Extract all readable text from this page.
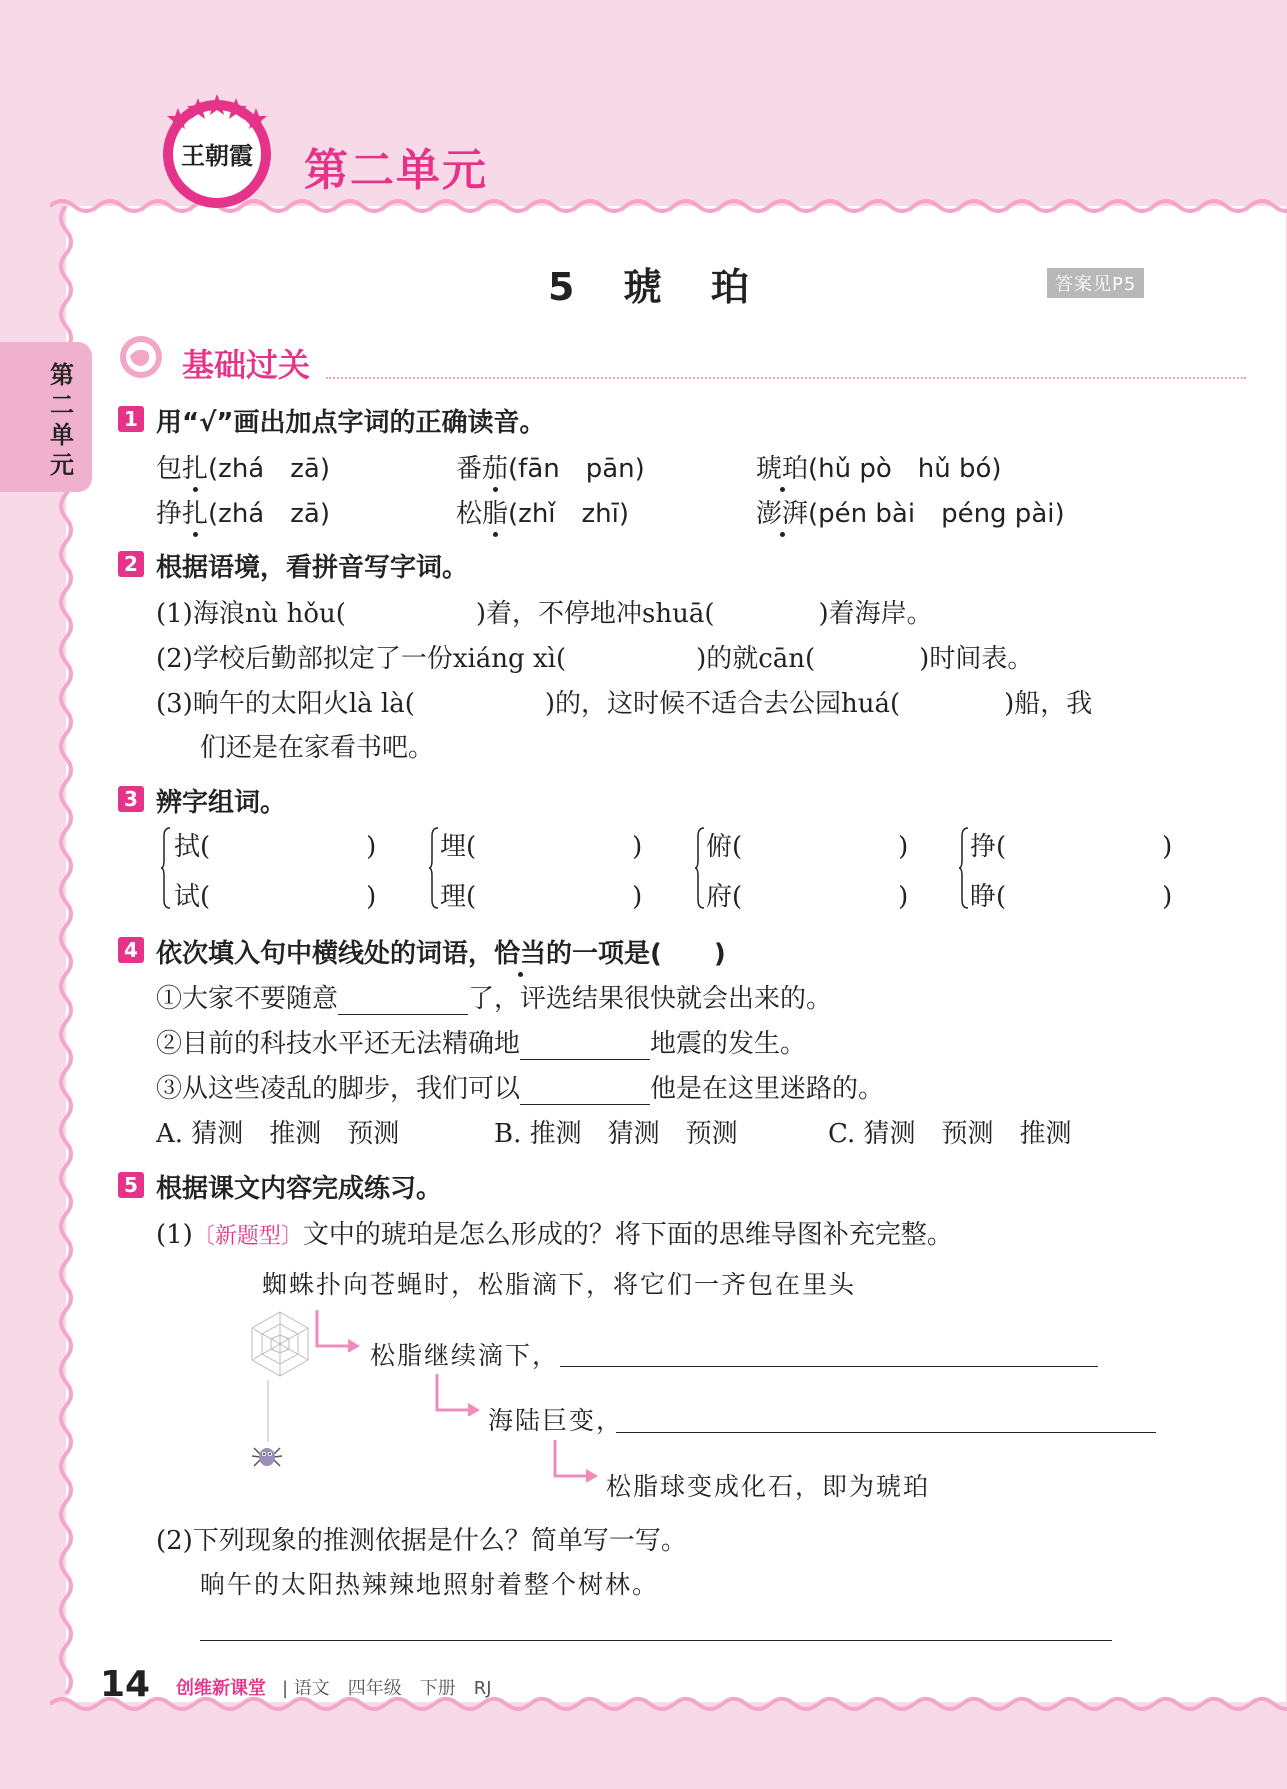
王朝霞 第二单元
第二单元
5 琥 珀	答案见P5
基础过关
1 用“√”画出加点字词的正确读音。
包扎(zhá　zā)	番茄(fān　pān)	琥珀(hǔ pò　hǔ bó)
挣扎(zhá　zā)	松脂(zhǐ　zhī)	澎湃(pén bài　péng pài)
2 根据语境，看拼音写字词。
(1)海浪nù hǒu(　　　　　)着，不停地冲shuā(　　　　)着海岸。
(2)学校后勤部拟定了一份xiáng xì(　　　　　)的就cān(　　　　)时间表。
(3)晌午的太阳火là là(　　　　　)的，这时候不适合去公园huá(　　　　)船，我
们还是在家看书吧。
3 辨字组词。
拭(　　　　　　)
试(　　　　　　)
埋(　　　　　　)
理(　　　　　　)
俯(　　　　　　)
府(　　　　　　)
挣(　　　　　　)
睁(　　　　　　)
4 依次填入句中横线处的词语，恰当的一项是(　　)
①大家不要随意	了，评选结果很快就会出来的。
②目前的科技水平还无法精确地	地震的发生。
③从这些凌乱的脚步，我们可以	他是在这里迷路的。
A. 猜测　推测　预测	B. 推测　猜测　预测	C. 猜测　预测　推测
5 根据课文内容完成练习。
(1)〔新题型〕文中的琥珀是怎么形成的？将下面的思维导图补充完整。
蜘蛛扑向苍蝇时，松脂滴下，将它们一齐包在里头
松脂继续滴下，
海陆巨变，
松脂球变成化石，即为琥珀
(2)下列现象的推测依据是什么？简单写一写。
晌午的太阳热辣辣地照射着整个树林。
14 创维新课堂 | 语文　四年级　下册　RJ
